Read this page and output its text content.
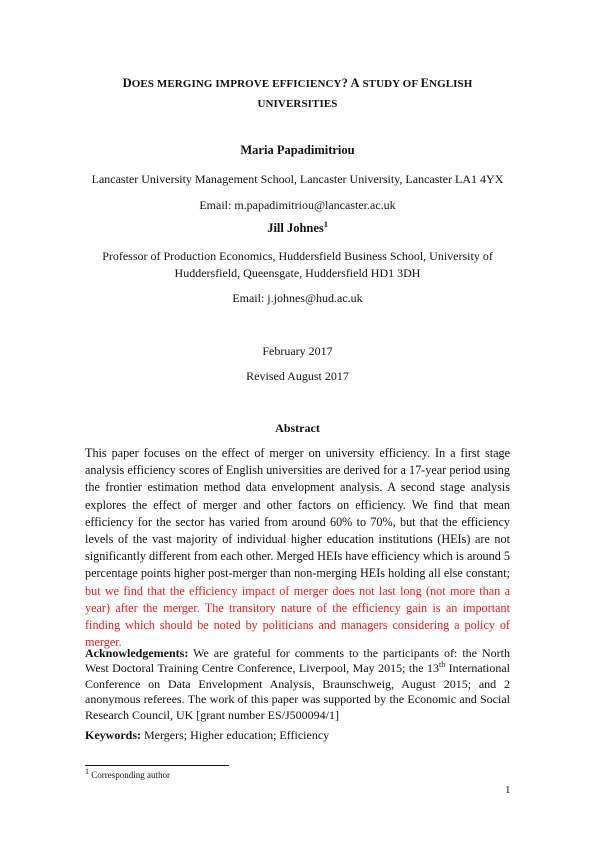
DOES MERGING IMPROVE EFFICIENCY? A STUDY OF ENGLISH
UNIVERSITIES
Maria Papadimitriou
Lancaster University Management School, Lancaster University, Lancaster LA1 4YX
Email: m.papadimitriou@lancaster.ac.uk
Jill Johnes$^1$
Professor of Production Economics, Huddersfield Business School, University of
Huddersfield, Queensgate, Huddersfield HD1 3DH
Email: j.johnes@hud.ac.uk
February 2017
Revised August 2017
Abstract
This paper focuses on the effect of merger on university efficiency. In a first stage analysis efficiency scores of English universities are derived for a 17-year period using the frontier estimation method data envelopment analysis. A second stage analysis explores the effect of merger and other factors on efficiency. We find that mean efficiency for the sector has varied from around 60% to 70%, but that the efficiency levels of the vast majority of individual higher education institutions (HEIs) are not significantly different from each other. Merged HEIs have efficiency which is around 5 percentage points higher post-merger than non-merging HEIs holding all else constant; but we find that the efficiency impact of merger does not last long (not more than a year) after the merger. The transitory nature of the efficiency gain is an important finding which should be noted by politicians and managers considering a policy of merger.
Acknowledgements: We are grateful for comments to the participants of: the North West Doctoral Training Centre Conference, Liverpool, May 2015; the 13th International Conference on Data Envelopment Analysis, Braunschweig, August 2015; and 2 anonymous referees. The work of this paper was supported by the Economic and Social Research Council, UK [grant number ES/J500094/1]
Keywords: Mergers; Higher education; Efficiency
$^1$ Corresponding author
1
